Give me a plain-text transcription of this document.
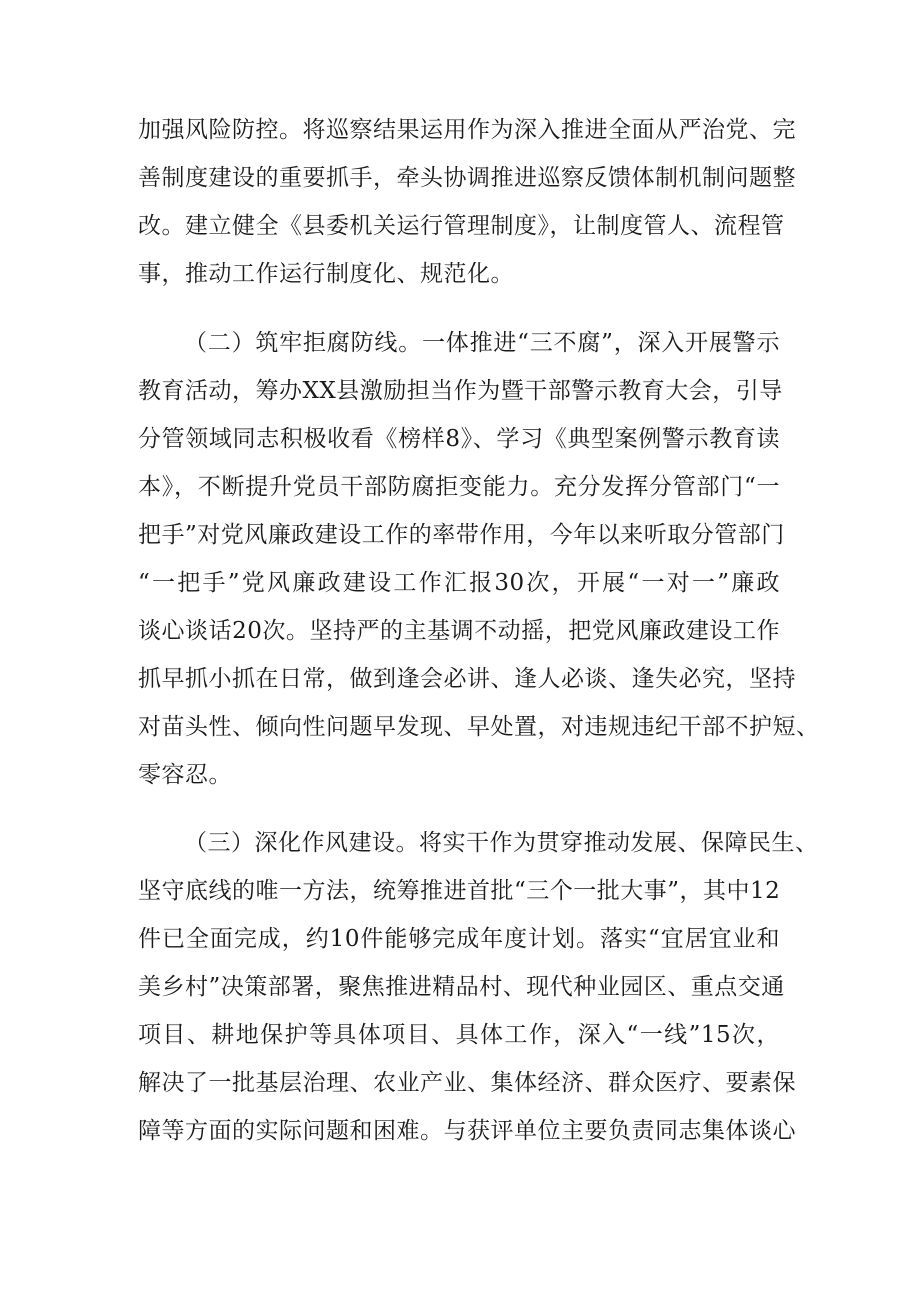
加强风险防控。将巡察结果运用作为深入推进全面从严治党、完
善制度建设的重要抓手，牵头协调推进巡察反馈体制机制问题整
改。建立健全《县委机关运行管理制度》，让制度管人、流程管
事，推动工作运行制度化、规范化。
（二）筑牢拒腐防线。一体推进“三不腐”，深入开展警示
教育活动，筹办XX县激励担当作为暨干部警示教育大会，引导
分管领域同志积极收看《榜样8》、学习《典型案例警示教育读
本》，不断提升党员干部防腐拒变能力。充分发挥分管部门“一
把手”对党风廉政建设工作的率带作用，今年以来听取分管部门
“一把手”党风廉政建设工作汇报30次，开展“一对一”廉政
谈心谈话20次。坚持严的主基调不动摇，把党风廉政建设工作
抓早抓小抓在日常，做到逢会必讲、逢人必谈、逢失必究，坚持
对苗头性、倾向性问题早发现、早处置，对违规违纪干部不护短、
零容忍。
（三）深化作风建设。将实干作为贯穿推动发展、保障民生、
坚守底线的唯一方法，统筹推进首批“三个一批大事”，其中12
件已全面完成，约10件能够完成年度计划。落实“宜居宜业和
美乡村”决策部署，聚焦推进精品村、现代种业园区、重点交通
项目、耕地保护等具体项目、具体工作，深入“一线”15次，
解决了一批基层治理、农业产业、集体经济、群众医疗、要素保
障等方面的实际问题和困难。与获评单位主要负责同志集体谈心
